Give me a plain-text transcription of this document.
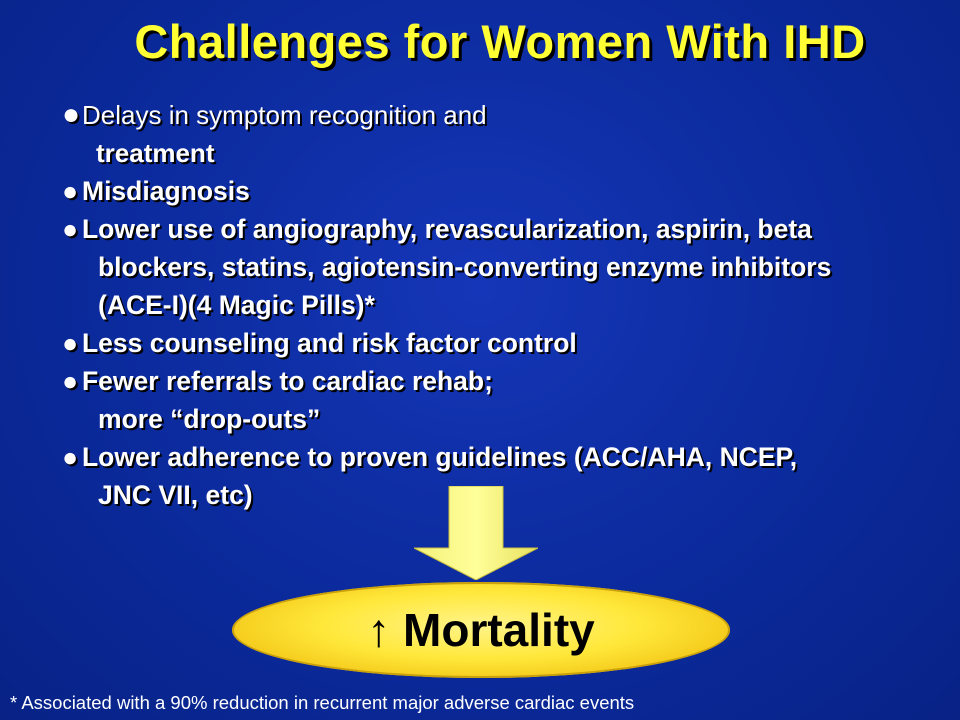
Challenges for Women With IHD
● Delays in symptom recognition and
treatment
● Misdiagnosis
● Lower use of angiography, revascularization, aspirin, beta
blockers, statins, agiotensin-converting enzyme inhibitors
(ACE-I)(4 Magic Pills)*
● Less counseling and risk factor control
● Fewer referrals to cardiac rehab;
more “drop-outs”
● Lower adherence to proven guidelines (ACC/AHA, NCEP,
JNC VII, etc)
↑ Mortality
* Associated with a 90% reduction in recurrent major adverse cardiac events
